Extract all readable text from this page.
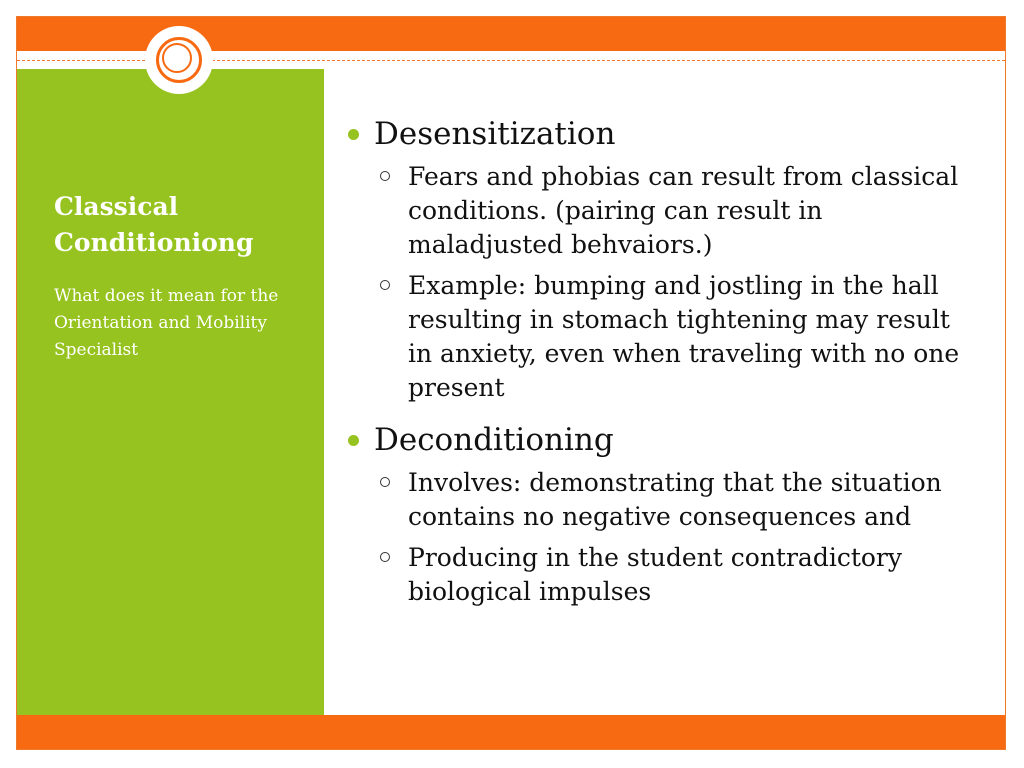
Classical
Conditioniong

What does it mean for the Orientation and Mobility Specialist

Desensitization
Fears and phobias can result from classical conditions. (pairing can result in maladjusted behvaiors.)
Example: bumping and jostling in the hall resulting in stomach tightening may result in anxiety, even when traveling with no one present
Deconditioning
Involves: demonstrating that the situation contains no negative consequences and
Producing in the student contradictory biological impulses
